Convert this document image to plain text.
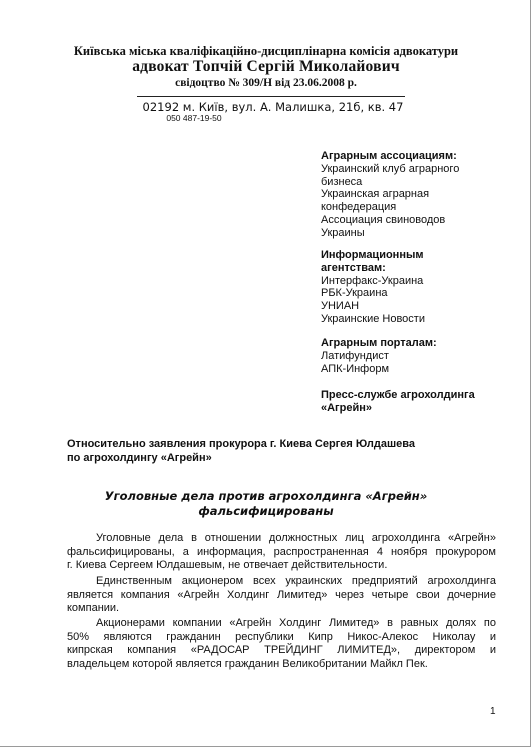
Київська міська кваліфікаційно-дисциплінарна комісія адвокатури
адвокат Топчій Сергій Миколайович
свідоцтво № 309/Н від 23.06.2008 р.
02192 м. Київ, вул. А. Малишка, 21б, кв. 47
050 487-19-50
Аграрным ассоциациям:
Украинский клуб аграрного
бизнеса
Украинская аграрная
конфедерация
Ассоциация свиноводов
Украины
Информационным
агентствам:
Интерфакс-Украина
РБК-Украина
УНИАН
Украинские Новости
Аграрным порталам:
Латифундист
АПК-Информ
Пресс-службе агрохолдинга
«Агрейн»
Относительно заявления прокурора г. Киева Сергея Юлдашева
по агрохолдингу «Агрейн»
Уголовные дела против агрохолдинга «Агрейн»
фальсифицированы
Уголовные дела в отношении должностных лиц агрохолдинга «Агрейн»
фальсифицированы, а информация, распространенная 4 ноября прокурором
г. Киева Сергеем Юлдашевым, не отвечает действительности.
Единственным акционером всех украинских предприятий агрохолдинга
является компания «Агрейн Холдинг Лимитед» через четыре свои дочерние
компании.
Акционерами компании «Агрейн Холдинг Лимитед» в равных долях по
50% являются гражданин республики Кипр Никос-Алекос Николау и
кипрская компания «РАДОСАР ТРЕЙДИНГ ЛИМИТЕД», директором и
владельцем которой является гражданин Великобритании Майкл Пек.
1
